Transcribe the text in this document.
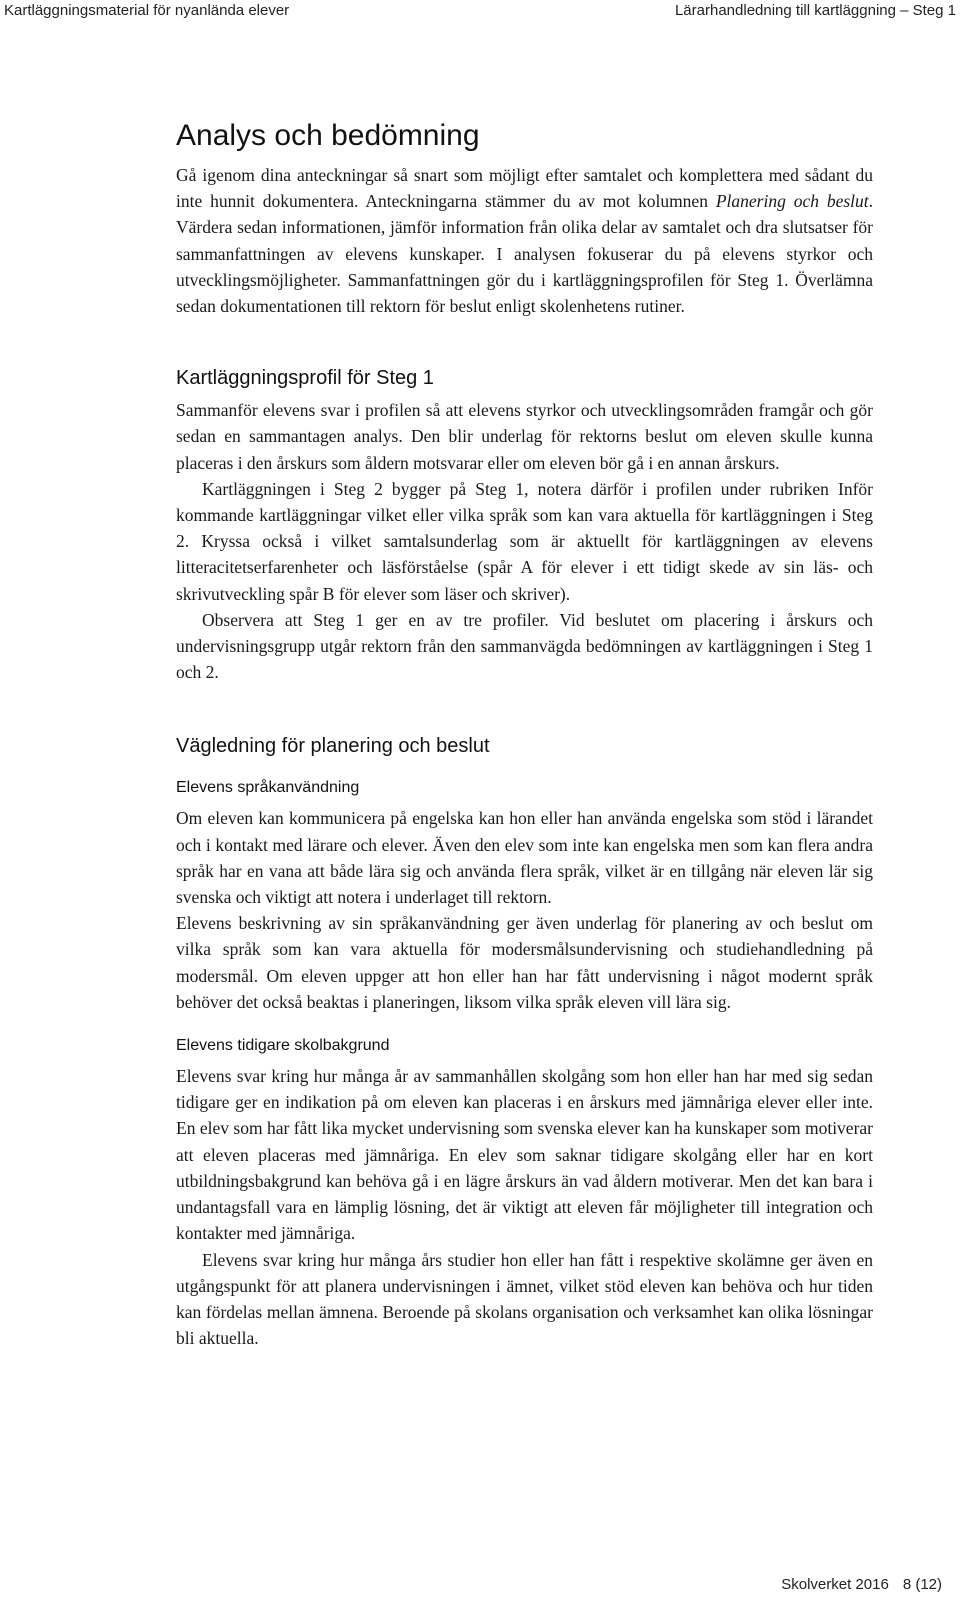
Kartläggningsmaterial för nyanlända elever	Lärarhandledning till kartläggning – Steg 1
Analys och bedömning

Gå igenom dina anteckningar så snart som möjligt efter samtalet och komplettera med sådant du inte hunnit dokumentera. Anteckningarna stämmer du av mot kolumnen Planering och beslut. Värdera sedan informationen, jämför information från olika delar av samtalet och dra slutsatser för sammanfattningen av elevens kunskaper. I analysen fokuserar du på elevens styrkor och utvecklingsmöjligheter. Sammanfattningen gör du i kartläggningsprofilen för Steg 1. Överlämna sedan dokumentationen till rektorn för beslut enligt skolenhetens rutiner.

Kartläggningsprofil för Steg 1

Sammanför elevens svar i profilen så att elevens styrkor och utvecklingsområden framgår och gör sedan en sammantagen analys. Den blir underlag för rektorns beslut om eleven skulle kunna placeras i den årskurs som åldern motsvarar eller om eleven bör gå i en annan årskurs.

Kartläggningen i Steg 2 bygger på Steg 1, notera därför i profilen under rubriken Inför kommande kartläggningar vilket eller vilka språk som kan vara aktuella för kartläggningen i Steg 2. Kryssa också i vilket samtalsunderlag som är aktuellt för kartläggningen av elevens litteracitetserfarenheter och läsförståelse (spår A för elever i ett tidigt skede av sin läs- och skrivutveckling spår B för elever som läser och skriver).

Observera att Steg 1 ger en av tre profiler. Vid beslutet om placering i årskurs och undervisningsgrupp utgår rektorn från den sammanvägda bedömningen av kartläggningen i Steg 1 och 2.

Vägledning för planering och beslut
Elevens språkanvändning

Om eleven kan kommunicera på engelska kan hon eller han använda engelska som stöd i lärandet och i kontakt med lärare och elever. Även den elev som inte kan engelska men som kan flera andra språk har en vana att både lära sig och använda flera språk, vilket är en tillgång när eleven lär sig svenska och viktigt att notera i underlaget till rektorn.

Elevens beskrivning av sin språkanvändning ger även underlag för planering av och beslut om vilka språk som kan vara aktuella för modersmålsundervisning och studiehandledning på modersmål. Om eleven uppger att hon eller han har fått undervisning i något modernt språk behöver det också beaktas i planeringen, liksom vilka språk eleven vill lära sig.

Elevens tidigare skolbakgrund

Elevens svar kring hur många år av sammanhållen skolgång som hon eller han har med sig sedan tidigare ger en indikation på om eleven kan placeras i en årskurs med jämnåriga elever eller inte. En elev som har fått lika mycket undervisning som svenska elever kan ha kunskaper som motiverar att eleven placeras med jämnåriga. En elev som saknar tidigare skolgång eller har en kort utbildningsbakgrund kan behöva gå i en lägre årskurs än vad åldern motiverar. Men det kan bara i undantagsfall vara en lämplig lösning, det är viktigt att eleven får möjligheter till integration och kontakter med jämnåriga.

Elevens svar kring hur många års studier hon eller han fått i respektive skolämne ger även en utgångspunkt för att planera undervisningen i ämnet, vilket stöd eleven kan behöva och hur tiden kan fördelas mellan ämnena. Beroende på skolans organisation och verksamhet kan olika lösningar bli aktuella.

Skolverket 2016 8 (12)
